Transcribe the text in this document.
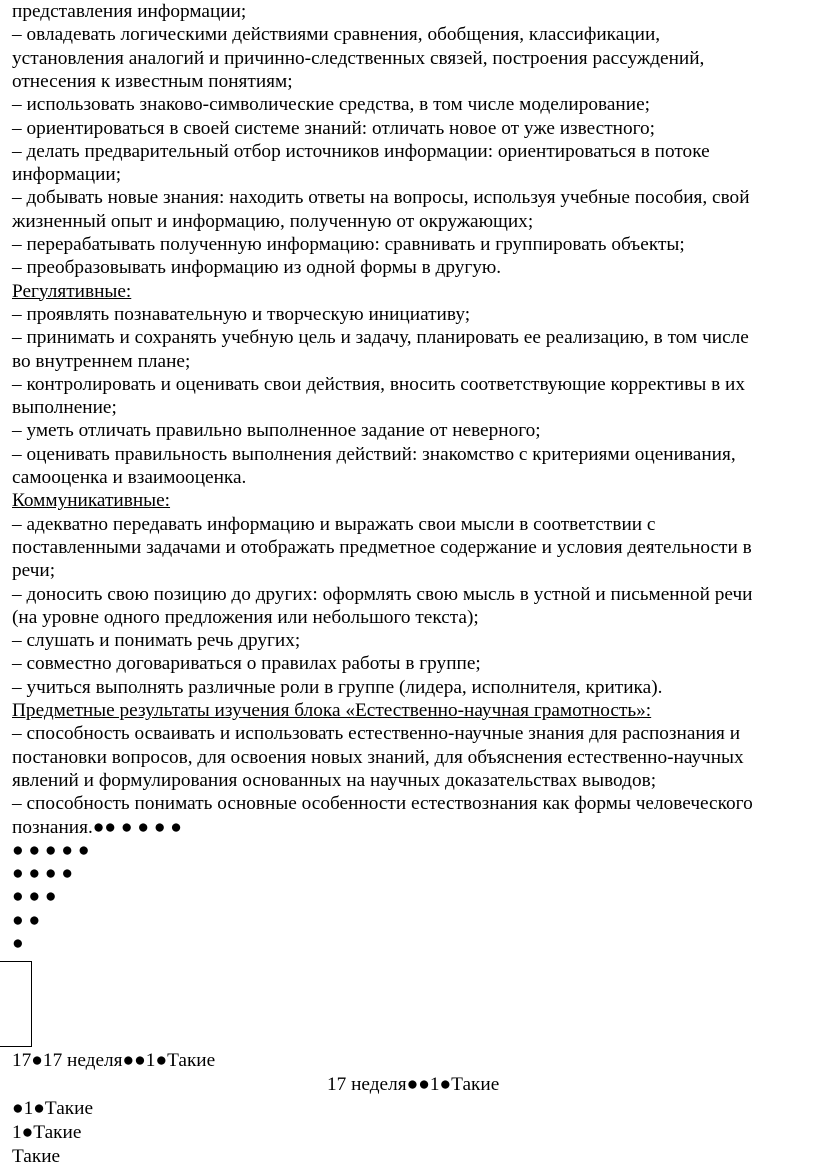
представления информации;
– овладевать логическими действиями сравнения, обобщения, классификации,
установления аналогий и причинно-следственных связей, построения рассуждений,
отнесения к известным понятиям;
– использовать знаково-символические средства, в том числе моделирование;
– ориентироваться в своей системе знаний: отличать новое от уже известного;
– делать предварительный отбор источников информации: ориентироваться в потоке
информации;
– добывать новые знания: находить ответы на вопросы, используя учебные пособия, свой
жизненный опыт и информацию, полученную от окружающих;
– перерабатывать полученную информацию: сравнивать и группировать объекты;
– преобразовывать информацию из одной формы в другую.
Регулятивные:
– проявлять познавательную и творческую инициативу;
– принимать и сохранять учебную цель и задачу, планировать ее реализацию, в том числе
во внутреннем плане;
– контролировать и оценивать свои действия, вносить соответствующие коррективы в их
выполнение;
– уметь отличать правильно выполненное задание от неверного;
– оценивать правильность выполнения действий: знакомство с критериями оценивания,
самооценка и взаимооценка.
Коммуникативные:
– адекватно передавать информацию и выражать свои мысли в соответствии с
поставленными задачами и отображать предметное содержание и условия деятельности в
речи;
– доносить свою позицию до других: оформлять свою мысль в устной и письменной речи
(на уровне одного предложения или небольшого текста);
– слушать и понимать речь других;
– совместно договариваться о правилах работы в группе;
– учиться выполнять различные роли в группе (лидера, исполнителя, критика).
Предметные результаты изучения блока «Естественно-научная грамотность»:
– способность осваивать и использовать естественно-научные знания для распознания и
постановки вопросов, для освоения новых знаний, для объяснения естественно-научных
явлений и формулирования основанных на научных доказательствах выводов;
– способность понимать основные особенности естествознания как формы человеческого
познания.●● ● ● ● ●
● ● ● ● ●
● ● ● ●
● ● ●
● ●
●
17●17 неделя●●1●Такие
17 неделя●●1●Такие
●1●Такие
1●Такие
Такие
